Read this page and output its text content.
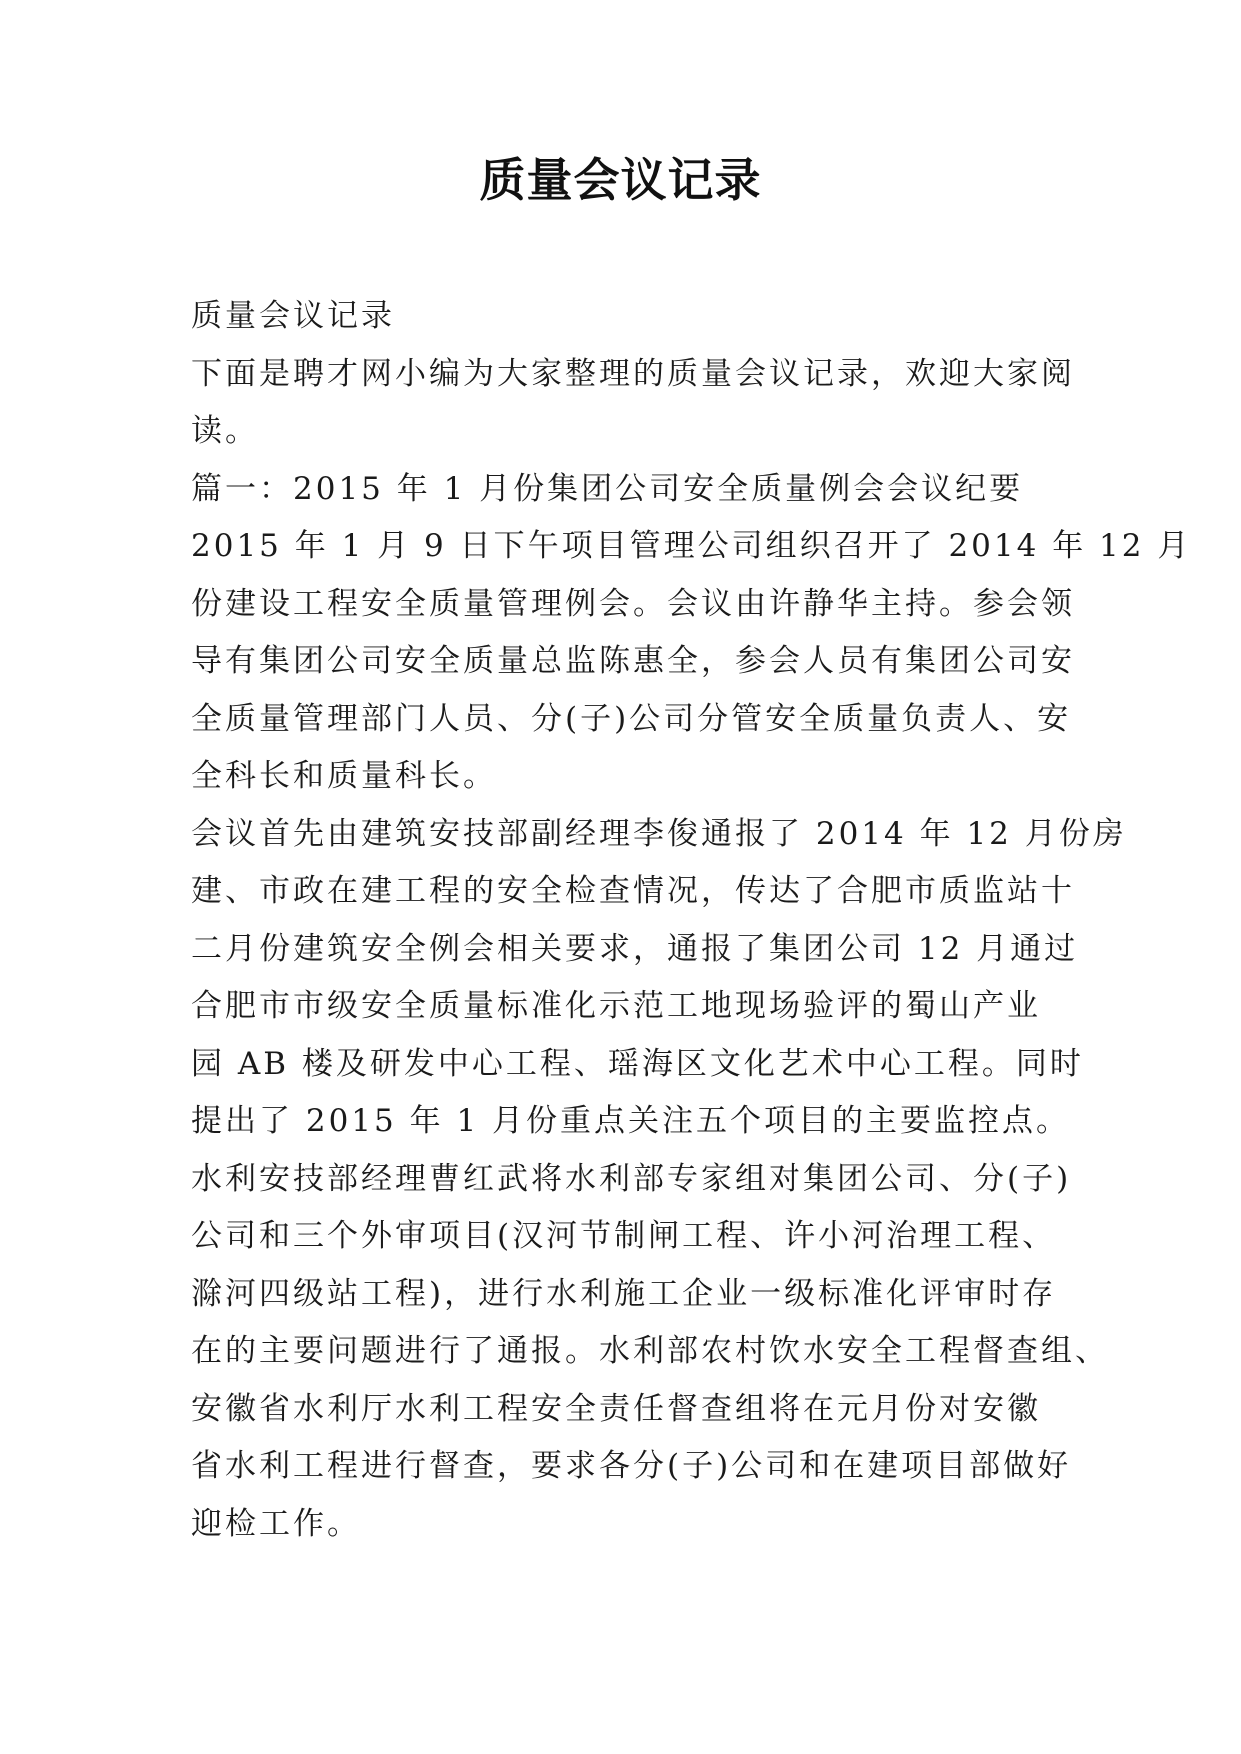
质量会议记录
质量会议记录
下面是聘才网小编为大家整理的质量会议记录，欢迎大家阅
读。
篇一：2015 年 1 月份集团公司安全质量例会会议纪要
2015 年 1 月 9 日下午项目管理公司组织召开了 2014 年 12 月
份建设工程安全质量管理例会。会议由许静华主持。参会领
导有集团公司安全质量总监陈惠全，参会人员有集团公司安
全质量管理部门人员、分(子)公司分管安全质量负责人、安
全科长和质量科长。
会议首先由建筑安技部副经理李俊通报了 2014 年 12 月份房
建、市政在建工程的安全检查情况，传达了合肥市质监站十
二月份建筑安全例会相关要求，通报了集团公司 12 月通过
合肥市市级安全质量标准化示范工地现场验评的蜀山产业
园 AB 楼及研发中心工程、瑶海区文化艺术中心工程。同时
提出了 2015 年 1 月份重点关注五个项目的主要监控点。
水利安技部经理曹红武将水利部专家组对集团公司、分(子)
公司和三个外审项目(汉河节制闸工程、许小河治理工程、
滁河四级站工程)，进行水利施工企业一级标准化评审时存
在的主要问题进行了通报。水利部农村饮水安全工程督查组、
安徽省水利厅水利工程安全责任督查组将在元月份对安徽
省水利工程进行督查，要求各分(子)公司和在建项目部做好
迎检工作。
